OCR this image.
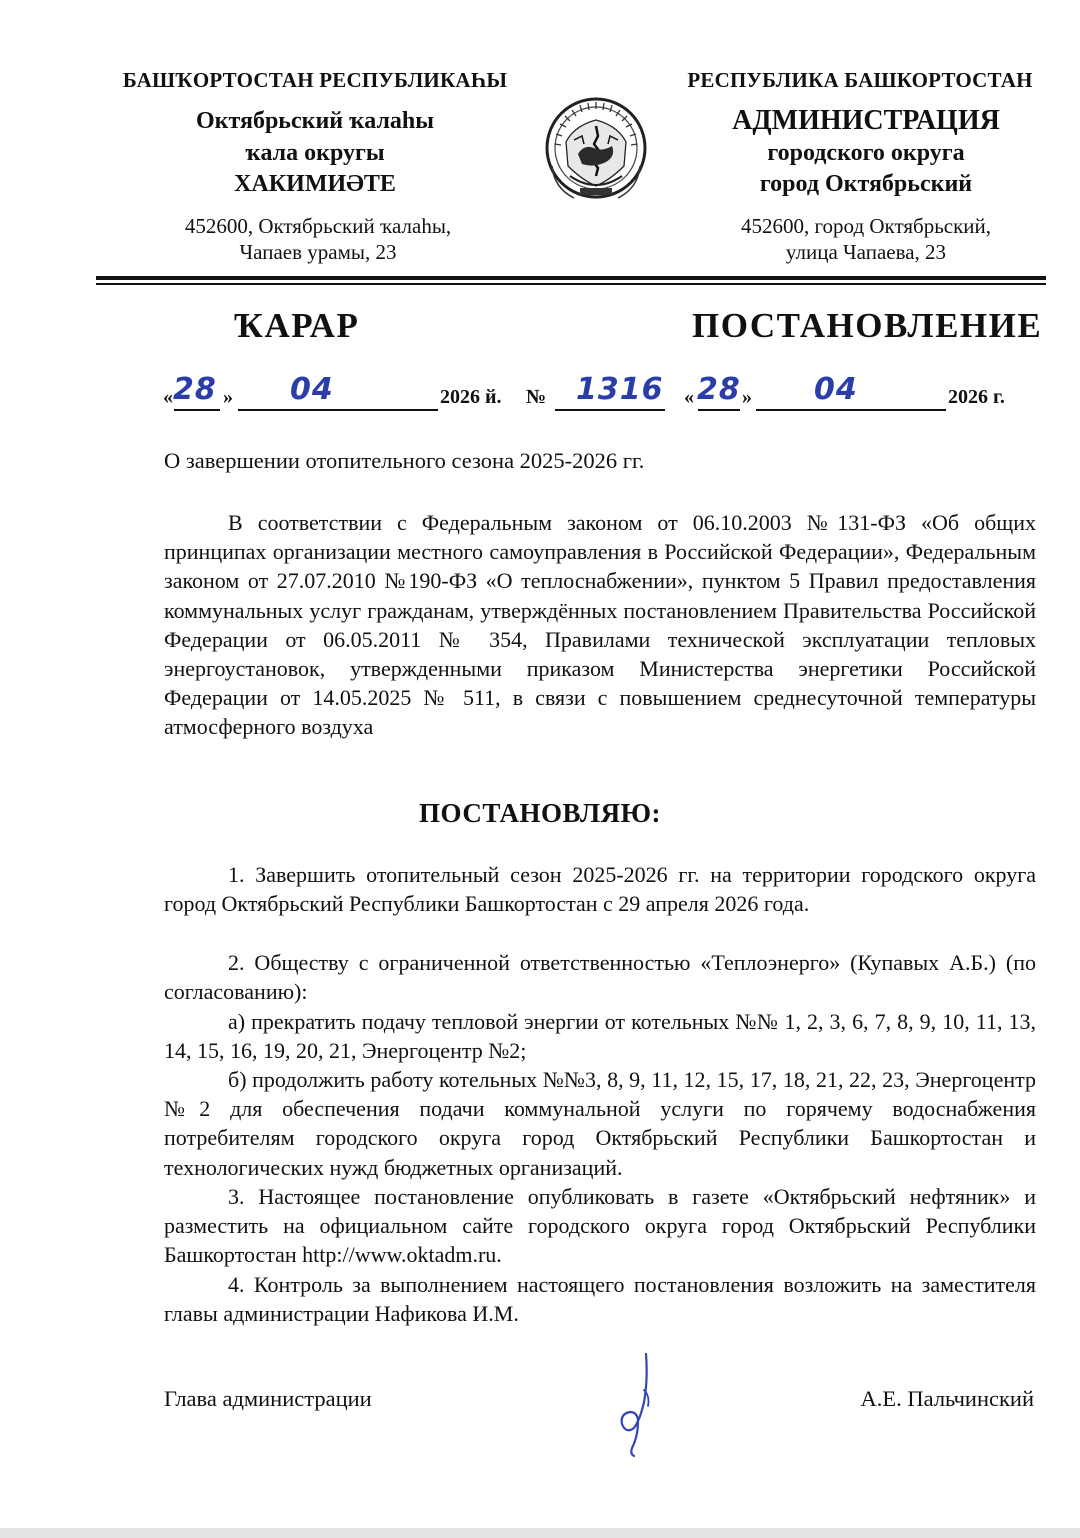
БАШҠОРТОСТАН РЕСПУБЛИКАҺЫ
Октябрьский ҡалаһы
ҡала округы
ХАКИМИӘТЕ
452600, Октябрьский ҡалаһы,
Чапаев урамы, 23
РЕСПУБЛИКА БАШКОРТОСТАН
АДМИНИСТРАЦИЯ
городского округа
город Октябрьский
452600, город Октябрьский,
улица Чапаева, 23
ҠАРАР	ПОСТАНОВЛЕНИЕ
« 28 » 04	2026 й. № 1316 « 28 » 04	2026 г.
О завершении отопительного сезона 2025-2026 гг.
В соответствии с Федеральным законом от 06.10.2003 №131-ФЗ «Об общих принципах организации местного самоуправления в Российской Федерации», Федеральным законом от 27.07.2010 №190-ФЗ «О теплоснабжении», пунктом 5 Правил предоставления коммунальных услуг гражданам, утверждённых постановлением Правительства Российской Федерации от 06.05.2011 № 354, Правилами технической эксплуатации тепловых энергоустановок, утвержденными приказом Министерства энергетики Российской Федерации от 14.05.2025 № 511, в связи с повышением среднесуточной температуры атмосферного воздуха
ПОСТАНОВЛЯЮ:
1. Завершить отопительный сезон 2025-2026 гг. на территории городского округа город Октябрьский Республики Башкортостан с 29 апреля 2026 года.
2. Обществу с ограниченной ответственностью «Теплоэнерго» (Купавых А.Б.) (по согласованию):
а) прекратить подачу тепловой энергии от котельных №№ 1, 2, 3, 6, 7, 8, 9, 10, 11, 13, 14, 15, 16, 19, 20, 21, Энергоцентр №2;
б) продолжить работу котельных №№3, 8, 9, 11, 12, 15, 17, 18, 21, 22, 23, Энергоцентр №2 для обеспечения подачи коммунальной услуги по горячему водоснабжения потребителям городского округа город Октябрьский Республики Башкортостан и технологических нужд бюджетных организаций.
3. Настоящее постановление опубликовать в газете «Октябрьский нефтяник» и разместить на официальном сайте городского округа город Октябрьский Республики Башкортостан http://www.oktadm.ru.
4. Контроль за выполнением настоящего постановления возложить на заместителя главы администрации Нафикова И.М.
Глава администрации	А.Е. Пальчинский
